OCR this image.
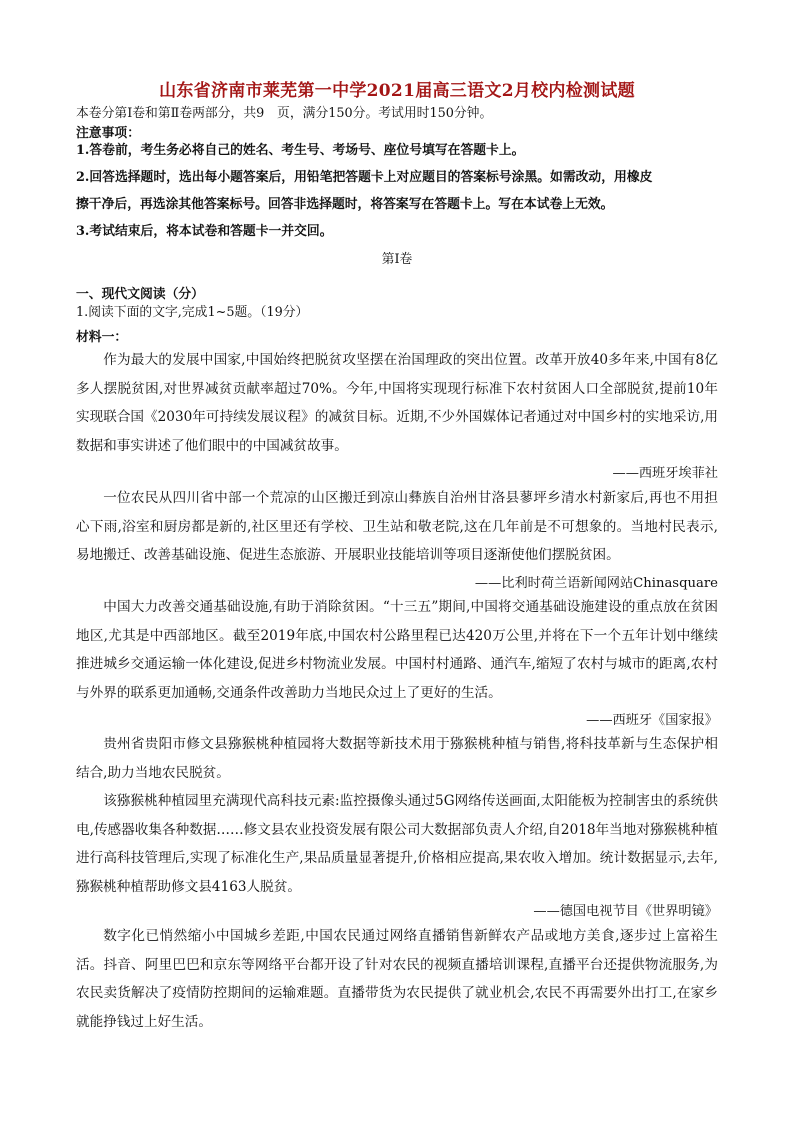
山东省济南市莱芜第一中学2021届高三语文2月校内检测试题
本卷分第Ⅰ卷和第Ⅱ卷两部分，共9　页，满分150分。考试用时150分钟。
注意事项：
1.答卷前，考生务必将自己的姓名、考生号、考场号、座位号填写在答题卡上。
2.回答选择题时，选出每小题答案后，用铅笔把答题卡上对应题目的答案标号涂黑。如需改动，用橡皮
擦干净后，再选涂其他答案标号。回答非选择题时，将答案写在答题卡上。写在本试卷上无效。
3.考试结束后，将本试卷和答题卡一并交回。
第Ⅰ卷
一、现代文阅读（分）
1.阅读下面的文字,完成1~5题。（19分）
材料一：

作为最大的发展中国家,中国始终把脱贫攻坚摆在治国理政的突出位置。改革开放40多年来,中国有8亿多人摆脱贫困,对世界减贫贡献率超过70%。今年,中国将实现现行标准下农村贫困人口全部脱贫,提前10年实现联合国《2030年可持续发展议程》的减贫目标。近期,不少外国媒体记者通过对中国乡村的实地采访,用数据和事实讲述了他们眼中的中国减贫故事。

——西班牙埃菲社

一位农民从四川省中部一个荒凉的山区搬迁到凉山彝族自治州甘洛县蓼坪乡清水村新家后,再也不用担心下雨,浴室和厨房都是新的,社区里还有学校、卫生站和敬老院,这在几年前是不可想象的。当地村民表示,易地搬迁、改善基础设施、促进生态旅游、开展职业技能培训等项目逐渐使他们摆脱贫困。

——比利时荷兰语新闻网站Chinasquare

中国大力改善交通基础设施,有助于消除贫困。“十三五”期间,中国将交通基础设施建设的重点放在贫困地区,尤其是中西部地区。截至2019年底,中国农村公路里程已达420万公里,并将在下一个五年计划中继续推进城乡交通运输一体化建设,促进乡村物流业发展。中国村村通路、通汽车,缩短了农村与城市的距离,农村与外界的联系更加通畅,交通条件改善助力当地民众过上了更好的生活。

——西班牙《国家报》

贵州省贵阳市修文县猕猴桃种植园将大数据等新技术用于猕猴桃种植与销售,将科技革新与生态保护相结合,助力当地农民脱贫。

该猕猴桃种植园里充满现代高科技元素:监控摄像头通过5G网络传送画面,太阳能板为控制害虫的系统供电,传感器收集各种数据……修文县农业投资发展有限公司大数据部负责人介绍,自2018年当地对猕猴桃种植进行高科技管理后,实现了标准化生产,果品质量显著提升,价格相应提高,果农收入增加。统计数据显示,去年,猕猴桃种植帮助修文县4163人脱贫。

——德国电视节目《世界明镜》

数字化已悄然缩小中国城乡差距,中国农民通过网络直播销售新鲜农产品或地方美食,逐步过上富裕生活。抖音、阿里巴巴和京东等网络平台都开设了针对农民的视频直播培训课程,直播平台还提供物流服务,为农民卖货解决了疫情防控期间的运输难题。直播带货为农民提供了就业机会,农民不再需要外出打工,在家乡就能挣钱过上好生活。
